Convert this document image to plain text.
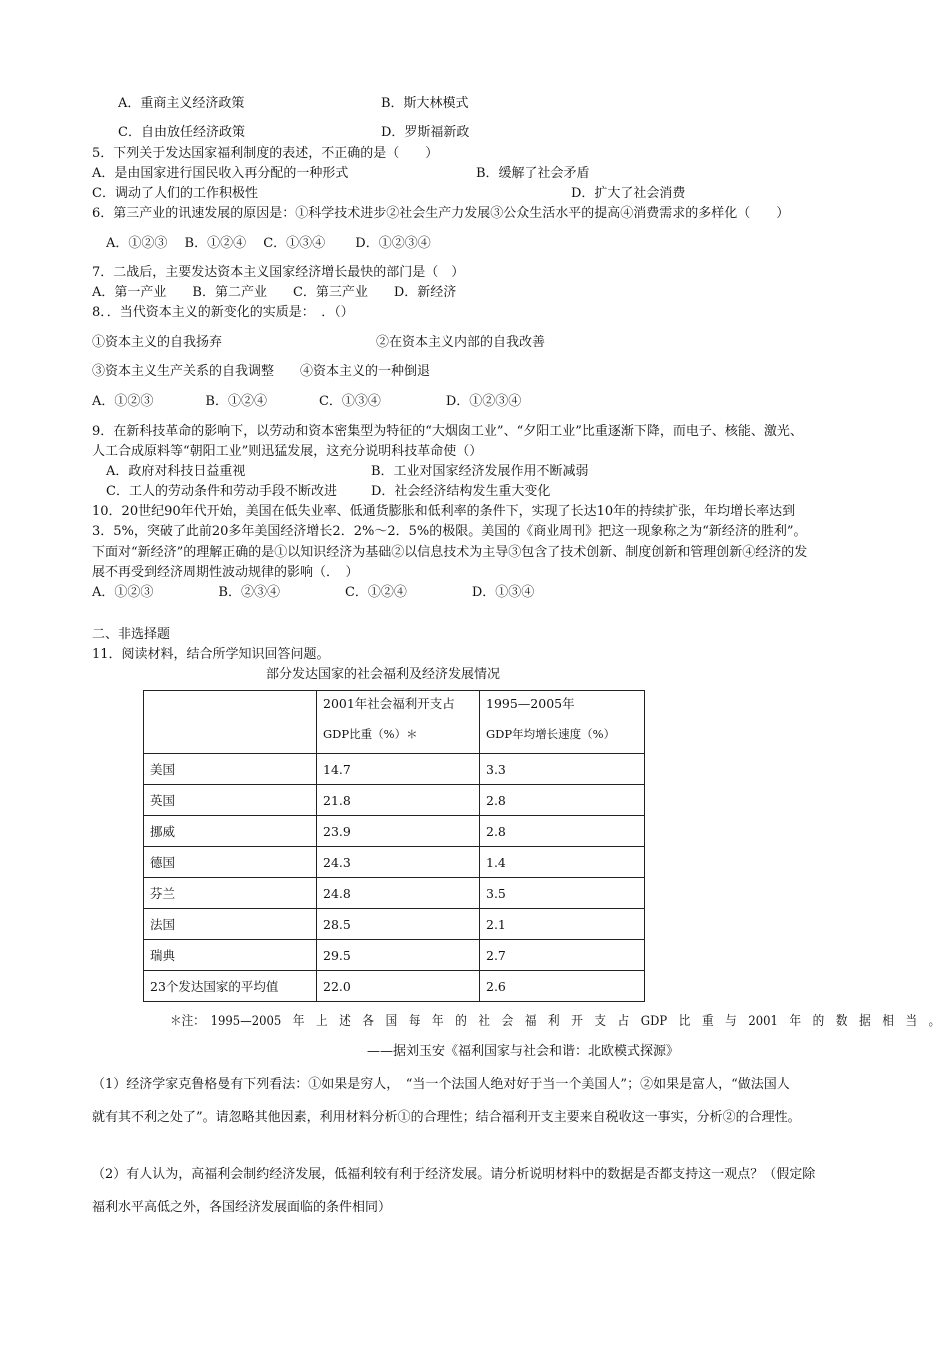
A．重商主义经济政策	B．斯大林模式
C．自由放任经济政策	D．罗斯福新政
5．下列关于发达国家福利制度的表述，不正确的是（　　）
A．是由国家进行国民收入再分配的一种形式	B．缓解了社会矛盾
C．调动了人们的工作积极性	D．扩大了社会消费
6．第三产业的讯速发展的原因是：①科学技术进步②社会生产力发展③公众生活水平的提高④消费需求的多样化（　　）
A．①②③　 B．①②④　 C．①③④　　 D．①②③④
7．二战后，主要发达资本主义国家经济增长最快的部门是（　）
A．第一产业　　B．第二产业　　C．第三产业　　D．新经济
8．．当代资本主义的新变化的实质是：　．（）
①资本主义的自我扬弃	②在资本主义内部的自我改善
③资本主义生产关系的自我调整　　④资本主义的一种倒退
A．①②③　　　　B．①②④　　　　C．①③④　　　　　D．①②③④
9．在新科技革命的影响下，以劳动和资本密集型为特征的“大烟囱工业”、“夕阳工业”比重逐渐下降，而电子、核能、激光、
人工合成原料等“朝阳工业”则迅猛发展，这充分说明科技革命使（）
A．政府对科技日益重视	B．工业对国家经济发展作用不断减弱
C．工人的劳动条件和劳动手段不断改进	D．社会经济结构发生重大变化
10．20世纪90年代开始，美国在低失业率、低通货膨胀和低利率的条件下，实现了长达10年的持续扩张，年均增长率达到
3．5%，突破了此前20多年美国经济增长2．2%～2．5%的极限。美国的《商业周刊》把这一现象称之为“新经济的胜利”。
下面对“新经济”的理解正确的是①以知识经济为基础②以信息技术为主导③包含了技术创新、制度创新和管理创新④经济的发
展不再受到经济周期性波动规律的影响（．　）
A．①②③　　　　　B．②③④　　　　　C．①②④　　　　　D．①③④
二、非选择题
11．阅读材料，结合所学知识回答问题。
部分发达国家的社会福利及经济发展情况
＊注：　1995—2005　年　上　述　各　国　每　年　的　社　会　福　利　开　支　占　GDP　比　重　与　2001　年　的　数　据　相　当　。
——据刘玉安《福利国家与社会和谐：北欧模式探源》
（1）经济学家克鲁格曼有下列看法：①如果是穷人，　“当一个法国人绝对好于当一个美国人”；②如果是富人，“做法国人
就有其不利之处了”。请忽略其他因素，利用材料分析①的合理性；结合福利开支主要来自税收这一事实，分析②的合理性。
（2）有人认为，高福利会制约经济发展，低福利较有利于经济发展。请分析说明材料中的数据是否都支持这一观点？（假定除
福利水平高低之外，各国经济发展面临的条件相同）

	2001年社会福利开支占
GDP比重（%）＊	1995—2005年
GDP年均增长速度（%）

美国	14.7	3.3
英国	21.8	2.8
挪威	23.9	2.8
德国	24.3	1.4
芬兰	24.8	3.5
法国	28.5	2.1
瑞典	29.5	2.7
23个发达国家的平均值	22.0	2.6
